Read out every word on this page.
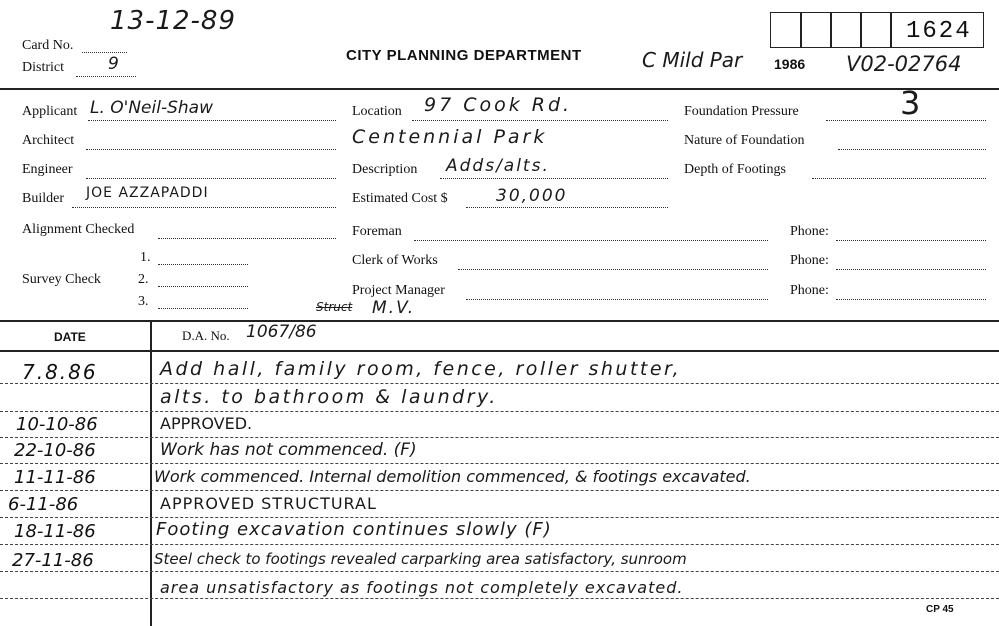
13-12-89
Card No.
District	9	CITY PLANNING DEPARTMENT	C Mild Par 1986 V02-02764
1624
Applicant L. O'Neil-Shaw
Architect
Engineer
Builder JOE AZZAPADDI
Alignment Checked
Survey Check
1.
2.
3.
Location 97 Cook Rd.
Centennial Park
Description Adds/alts.
Estimated Cost $	30,000
Foreman	Phone:
Clerk of Works	Phone:
Project Manager	Phone:
Struct M.V.
Foundation Pressure	3
Nature of Foundation
Depth of Footings
DATE	D.A. No. 1067/86
7.8.86	Add hall, family room, fence, roller shutter,
alts. to bathroom & laundry.
10-10-86	APPROVED.
22-10-86	Work has not commenced. (F)
11-11-86	Work commenced. Internal demolition commenced, & footings excavated.
6-11-86	APPROVED STRUCTURAL
18-11-86	Footing excavation continues slowly (F)
27-11-86	Steel check to footings revealed carparking area satisfactory, sunroom
area unsatisfactory as footings not completely excavated.
CP 45
